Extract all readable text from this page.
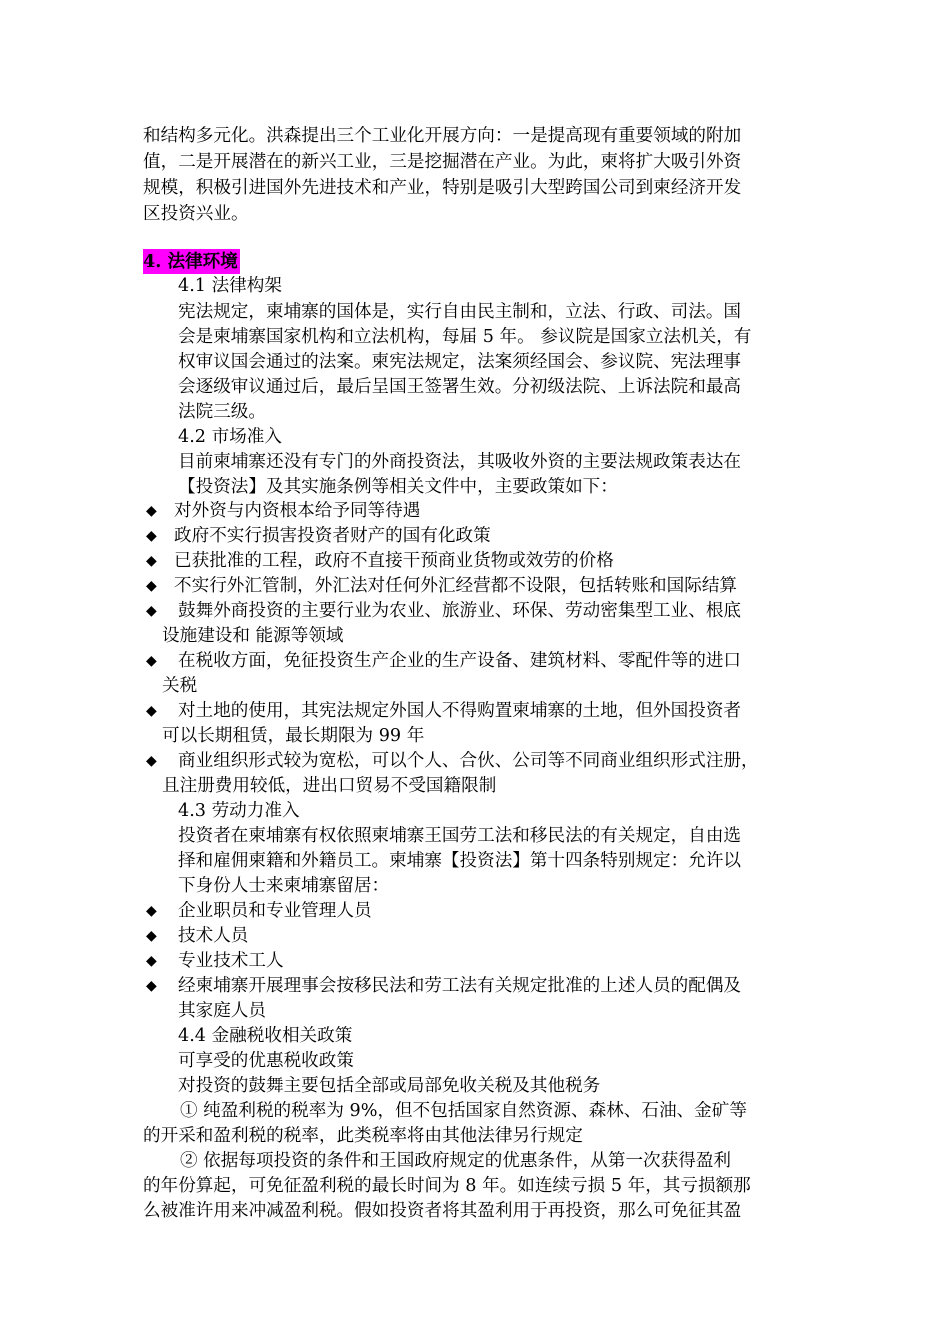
和结构多元化。洪森提出三个工业化开展方向：一是提高现有重要领域的附加
值，二是开展潜在的新兴工业，三是挖掘潜在产业。为此，柬将扩大吸引外资
规模，积极引进国外先进技术和产业，特别是吸引大型跨国公司到柬经济开发
区投资兴业。
4. 法律环境
4.1 法律构架
宪法规定，柬埔寨的国体是，实行自由民主制和，立法、行政、司法。国
会是柬埔寨国家机构和立法机构，每届 5 年。 参议院是国家立法机关，有
权审议国会通过的法案。柬宪法规定，法案须经国会、参议院、宪法理事
会逐级审议通过后，最后呈国王签署生效。分初级法院、上诉法院和最高
法院三级。
4.2 市场准入
目前柬埔寨还没有专门的外商投资法，其吸收外资的主要法规政策表达在
【投资法】及其实施条例等相关文件中，主要政策如下：
◆ 对外资与内资根本给予同等待遇
◆ 政府不实行损害投资者财产的国有化政策
◆ 已获批准的工程，政府不直接干预商业货物或效劳的价格
◆ 不实行外汇管制，外汇法对任何外汇经营都不设限，包括转账和国际结算
◆ 鼓舞外商投资的主要行业为农业、旅游业、环保、劳动密集型工业、根底
设施建设和 能源等领域
◆ 在税收方面，免征投资生产企业的生产设备、建筑材料、零配件等的进口
关税
◆ 对土地的使用，其宪法规定外国人不得购置柬埔寨的土地，但外国投资者
可以长期租赁，最长期限为 99 年
◆ 商业组织形式较为宽松，可以个人、合伙、公司等不同商业组织形式注册，
且注册费用较低，进出口贸易不受国籍限制
4.3 劳动力准入
投资者在柬埔寨有权依照柬埔寨王国劳工法和移民法的有关规定，自由选
择和雇佣柬籍和外籍员工。柬埔寨【投资法】第十四条特别规定：允许以
下身份人士来柬埔寨留居：
◆ 企业职员和专业管理人员
◆ 技术人员
◆ 专业技术工人
◆ 经柬埔寨开展理事会按移民法和劳工法有关规定批准的上述人员的配偶及
其家庭人员
4.4 金融税收相关政策
可享受的优惠税收政策
对投资的鼓舞主要包括全部或局部免收关税及其他税务
① 纯盈利税的税率为 9%，但不包括国家自然资源、森林、石油、金矿等
的开采和盈利税的税率，此类税率将由其他法律另行规定
② 依据每项投资的条件和王国政府规定的优惠条件，从第一次获得盈利
的年份算起，可免征盈利税的最长时间为 8 年。如连续亏损 5 年，其亏损额那
么被准许用来冲减盈利税。假如投资者将其盈利用于再投资，那么可免征其盈
